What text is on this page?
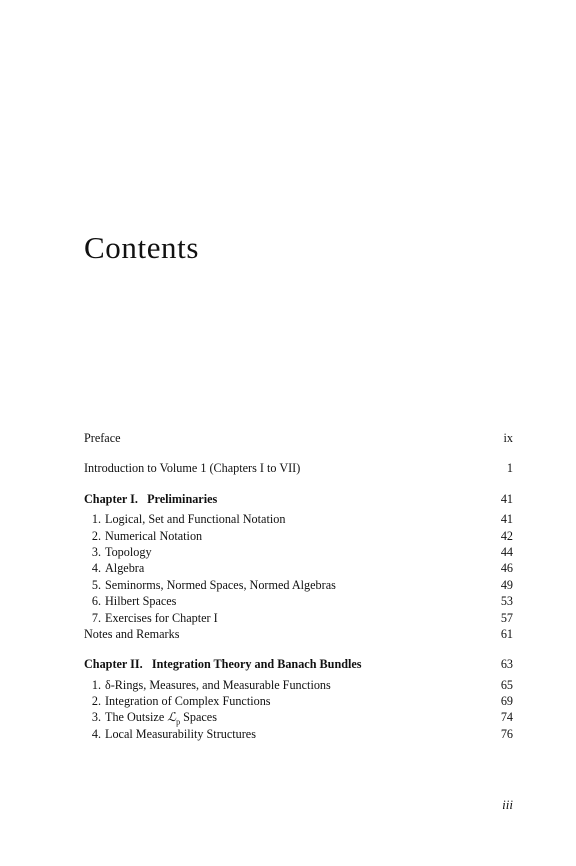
Contents
Preface	ix
Introduction to Volume 1 (Chapters I to VII)	1
Chapter I.   Preliminaries	41
1. Logical, Set and Functional Notation	41
2. Numerical Notation	42
3. Topology	44
4. Algebra	46
5. Seminorms, Normed Spaces, Normed Algebras	49
6. Hilbert Spaces	53
7. Exercises for Chapter I	57
Notes and Remarks	61
Chapter II.   Integration Theory and Banach Bundles	63
1. δ-Rings, Measures, and Measurable Functions	65
2. Integration of Complex Functions	69
3. The Outsize ℒ$_p$ Spaces	74
4. Local Measurability Structures	76
iii
